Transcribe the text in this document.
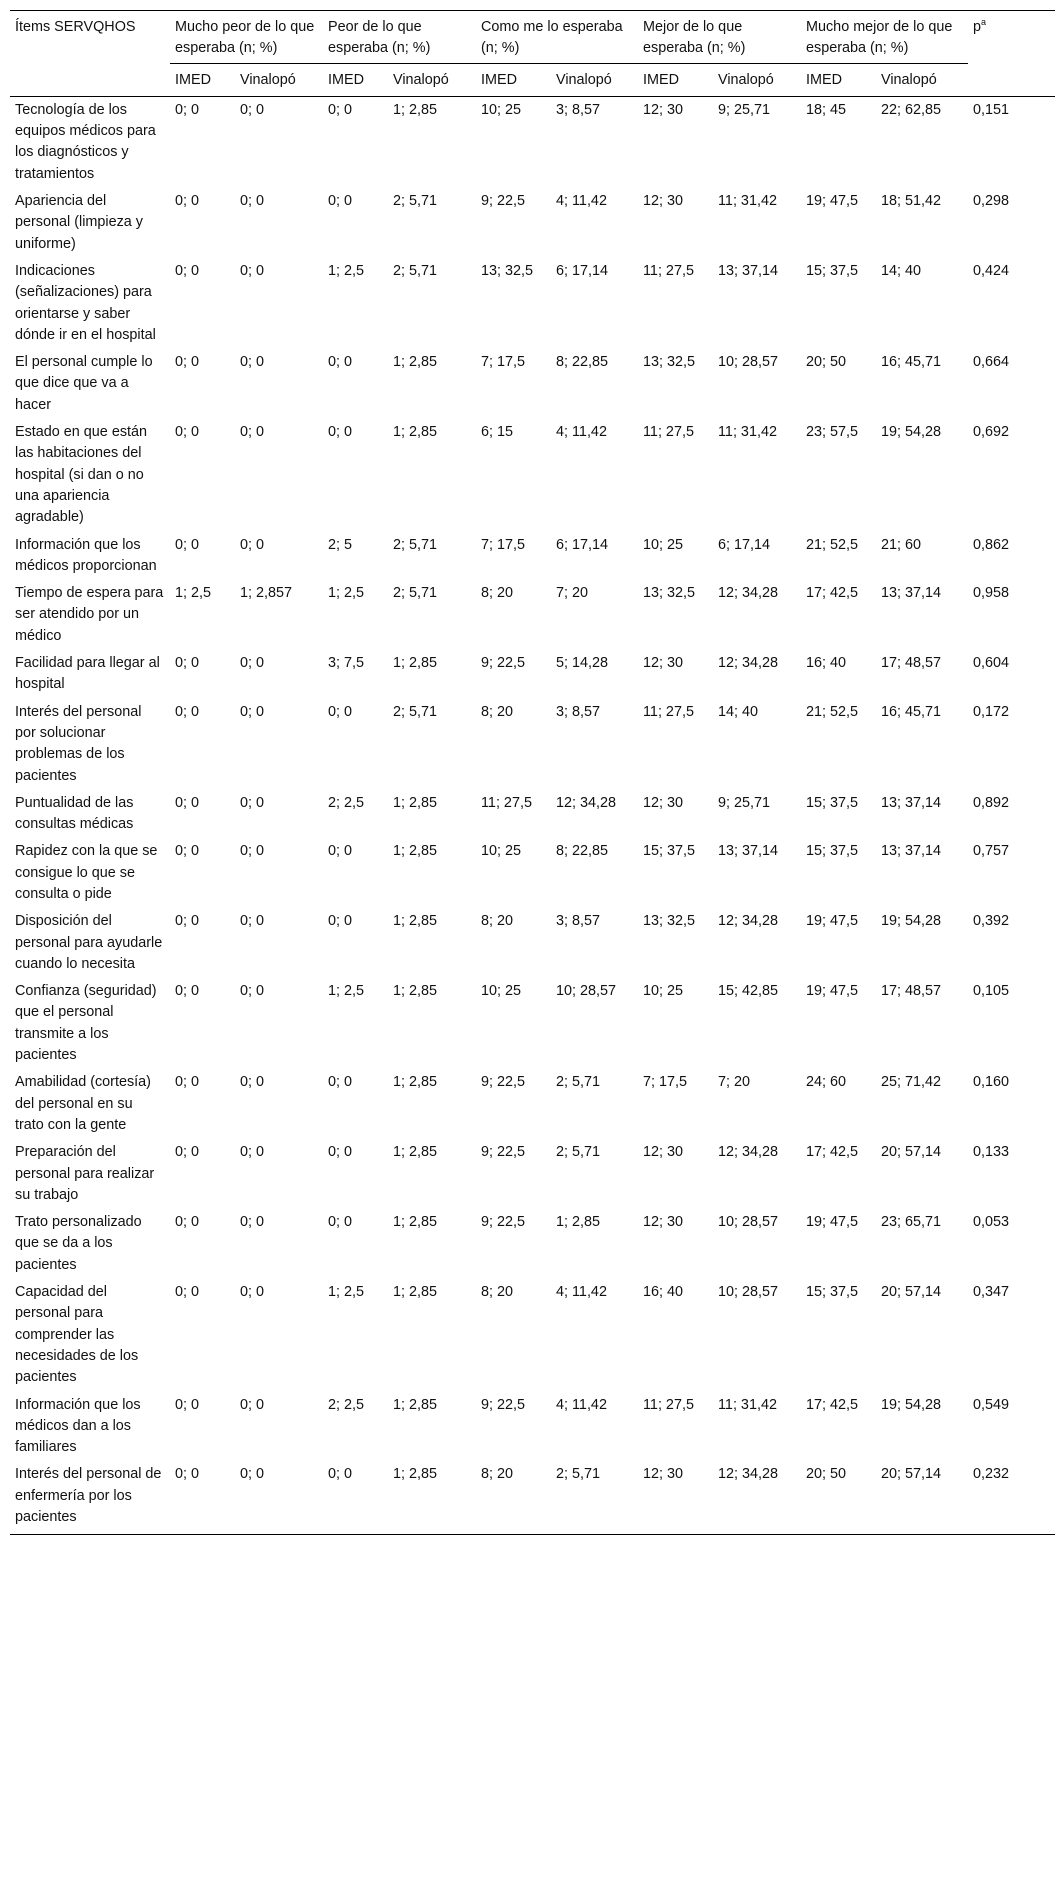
Ítems SERVQHOS	Mucho peor de lo que esperaba (n; %)		Peor de lo que esperaba (n; %)		Como me lo esperaba (n; %)		Mejor de lo que esperaba (n; %)		Mucho mejor de lo que esperaba (n; %)		$p^a$
	IMED	Vinalopó	IMED	Vinalopó	IMED	Vinalopó	IMED	Vinalopó	IMED	Vinalopó	
Tecnología de los equipos médicos para los diagnósticos y tratamientos	0; 0	0; 0	0; 0	1; 2,85	10; 25	3; 8,57	12; 30	9; 25,71	18; 45	22; 62,85	0,151
Apariencia del personal (limpieza y uniforme)	0; 0	0; 0	0; 0	2; 5,71	9; 22,5	4; 11,42	12; 30	11; 31,42	19; 47,5	18; 51,42	0,298
Indicaciones (señalizaciones) para orientarse y saber dónde ir en el hospital	0; 0	0; 0	1; 2,5	2; 5,71	13; 32,5	6; 17,14	11; 27,5	13; 37,14	15; 37,5	14; 40	0,424
El personal cumple lo que dice que va a hacer	0; 0	0; 0	0; 0	1; 2,85	7; 17,5	8; 22,85	13; 32,5	10; 28,57	20; 50	16; 45,71	0,664
Estado en que están las habitaciones del hospital (si dan o no una apariencia agradable)	0; 0	0; 0	0; 0	1; 2,85	6; 15	4; 11,42	11; 27,5	11; 31,42	23; 57,5	19; 54,28	0,692
Información que los médicos proporcionan	0; 0	0; 0	2; 5	2; 5,71	7; 17,5	6; 17,14	10; 25	6; 17,14	21; 52,5	21; 60	0,862
Tiempo de espera para ser atendido por un médico	1; 2,5	1; 2,857	1; 2,5	2; 5,71	8; 20	7; 20	13; 32,5	12; 34,28	17; 42,5	13; 37,14	0,958
Facilidad para llegar al hospital	0; 0	0; 0	3; 7,5	1; 2,85	9; 22,5	5; 14,28	12; 30	12; 34,28	16; 40	17; 48,57	0,604
Interés del personal por solucionar problemas de los pacientes	0; 0	0; 0	0; 0	2; 5,71	8; 20	3; 8,57	11; 27,5	14; 40	21; 52,5	16; 45,71	0,172
Puntualidad de las consultas médicas	0; 0	0; 0	2; 2,5	1; 2,85	11; 27,5	12; 34,28	12; 30	9; 25,71	15; 37,5	13; 37,14	0,892
Rapidez con la que se consigue lo que se consulta o pide	0; 0	0; 0	0; 0	1; 2,85	10; 25	8; 22,85	15; 37,5	13; 37,14	15; 37,5	13; 37,14	0,757
Disposición del personal para ayudarle cuando lo necesita	0; 0	0; 0	0; 0	1; 2,85	8; 20	3; 8,57	13; 32,5	12; 34,28	19; 47,5	19; 54,28	0,392
Confianza (seguridad) que el personal transmite a los pacientes	0; 0	0; 0	1; 2,5	1; 2,85	10; 25	10; 28,57	10; 25	15; 42,85	19; 47,5	17; 48,57	0,105
Amabilidad (cortesía) del personal en su trato con la gente	0; 0	0; 0	0; 0	1; 2,85	9; 22,5	2; 5,71	7; 17,5	7; 20	24; 60	25; 71,42	0,160
Preparación del personal para realizar su trabajo	0; 0	0; 0	0; 0	1; 2,85	9; 22,5	2; 5,71	12; 30	12; 34,28	17; 42,5	20; 57,14	0,133
Trato personalizado que se da a los pacientes	0; 0	0; 0	0; 0	1; 2,85	9; 22,5	1; 2,85	12; 30	10; 28,57	19; 47,5	23; 65,71	0,053
Capacidad del personal para comprender las necesidades de los pacientes	0; 0	0; 0	1; 2,5	1; 2,85	8; 20	4; 11,42	16; 40	10; 28,57	15; 37,5	20; 57,14	0,347
Información que los médicos dan a los familiares	0; 0	0; 0	2; 2,5	1; 2,85	9; 22,5	4; 11,42	11; 27,5	11; 31,42	17; 42,5	19; 54,28	0,549
Interés del personal de enfermería por los pacientes	0; 0	0; 0	0; 0	1; 2,85	8; 20	2; 5,71	12; 30	12; 34,28	20; 50	20; 57,14	0,232
